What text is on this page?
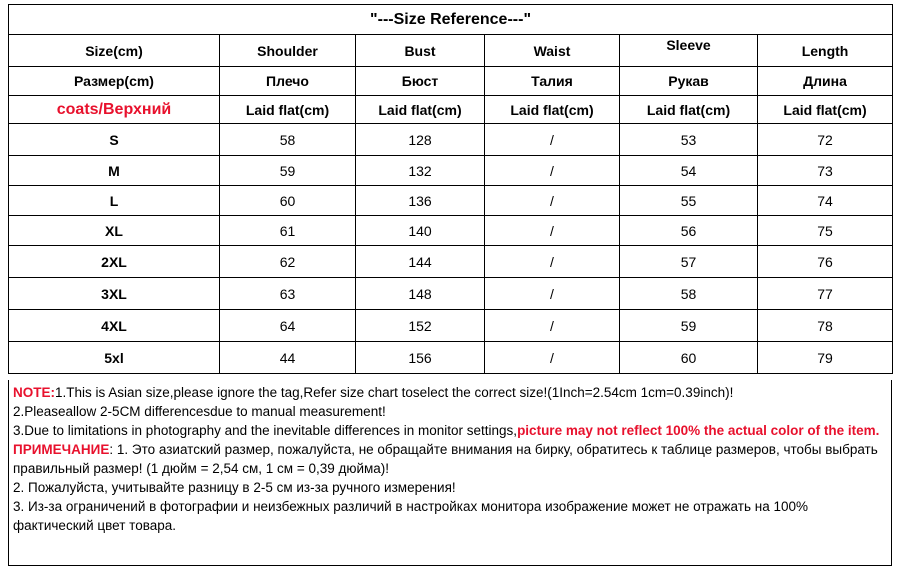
"---Size Reference---"					
Size(cm)	Shoulder	Bust	Waist	Sleeve	Length
Размер(cm)	Плечо	Бюст	Талия	Рукав	Длина
coats/Верхний	Laid flat(cm)	Laid flat(cm)	Laid flat(cm)	Laid flat(cm)	Laid flat(cm)
S	58	128	/	53	72
M	59	132	/	54	73
L	60	136	/	55	74
XL	61	140	/	56	75
2XL	62	144	/	57	76
3XL	63	148	/	58	77
4XL	64	152	/	59	78
5xl	44	156	/	60	79

NOTE:1.This is Asian size,please ignore the tag,Refer size chart toselect the correct size!(1Inch=2.54cm 1cm=0.39inch)!

2.Pleaseallow 2-5CM differencesdue to manual measurement!

3.Due to limitations in photography and the inevitable differences in monitor settings,picture may not reflect 100% the actual color of the item.

ПРИМЕЧАНИЕ: 1. Это азиатский размер, пожалуйста, не обращайте внимания на бирку, обратитесь к таблице размеров, чтобы выбрать правильный размер! (1 дюйм = 2,54 см, 1 см = 0,39 дюйма)!

2. Пожалуйста, учитывайте разницу в 2-5 см из-за ручного измерения!

3. Из-за ограничений в фотографии и неизбежных различий в настройках монитора изображение может не отражать на 100% фактический цвет товара.
